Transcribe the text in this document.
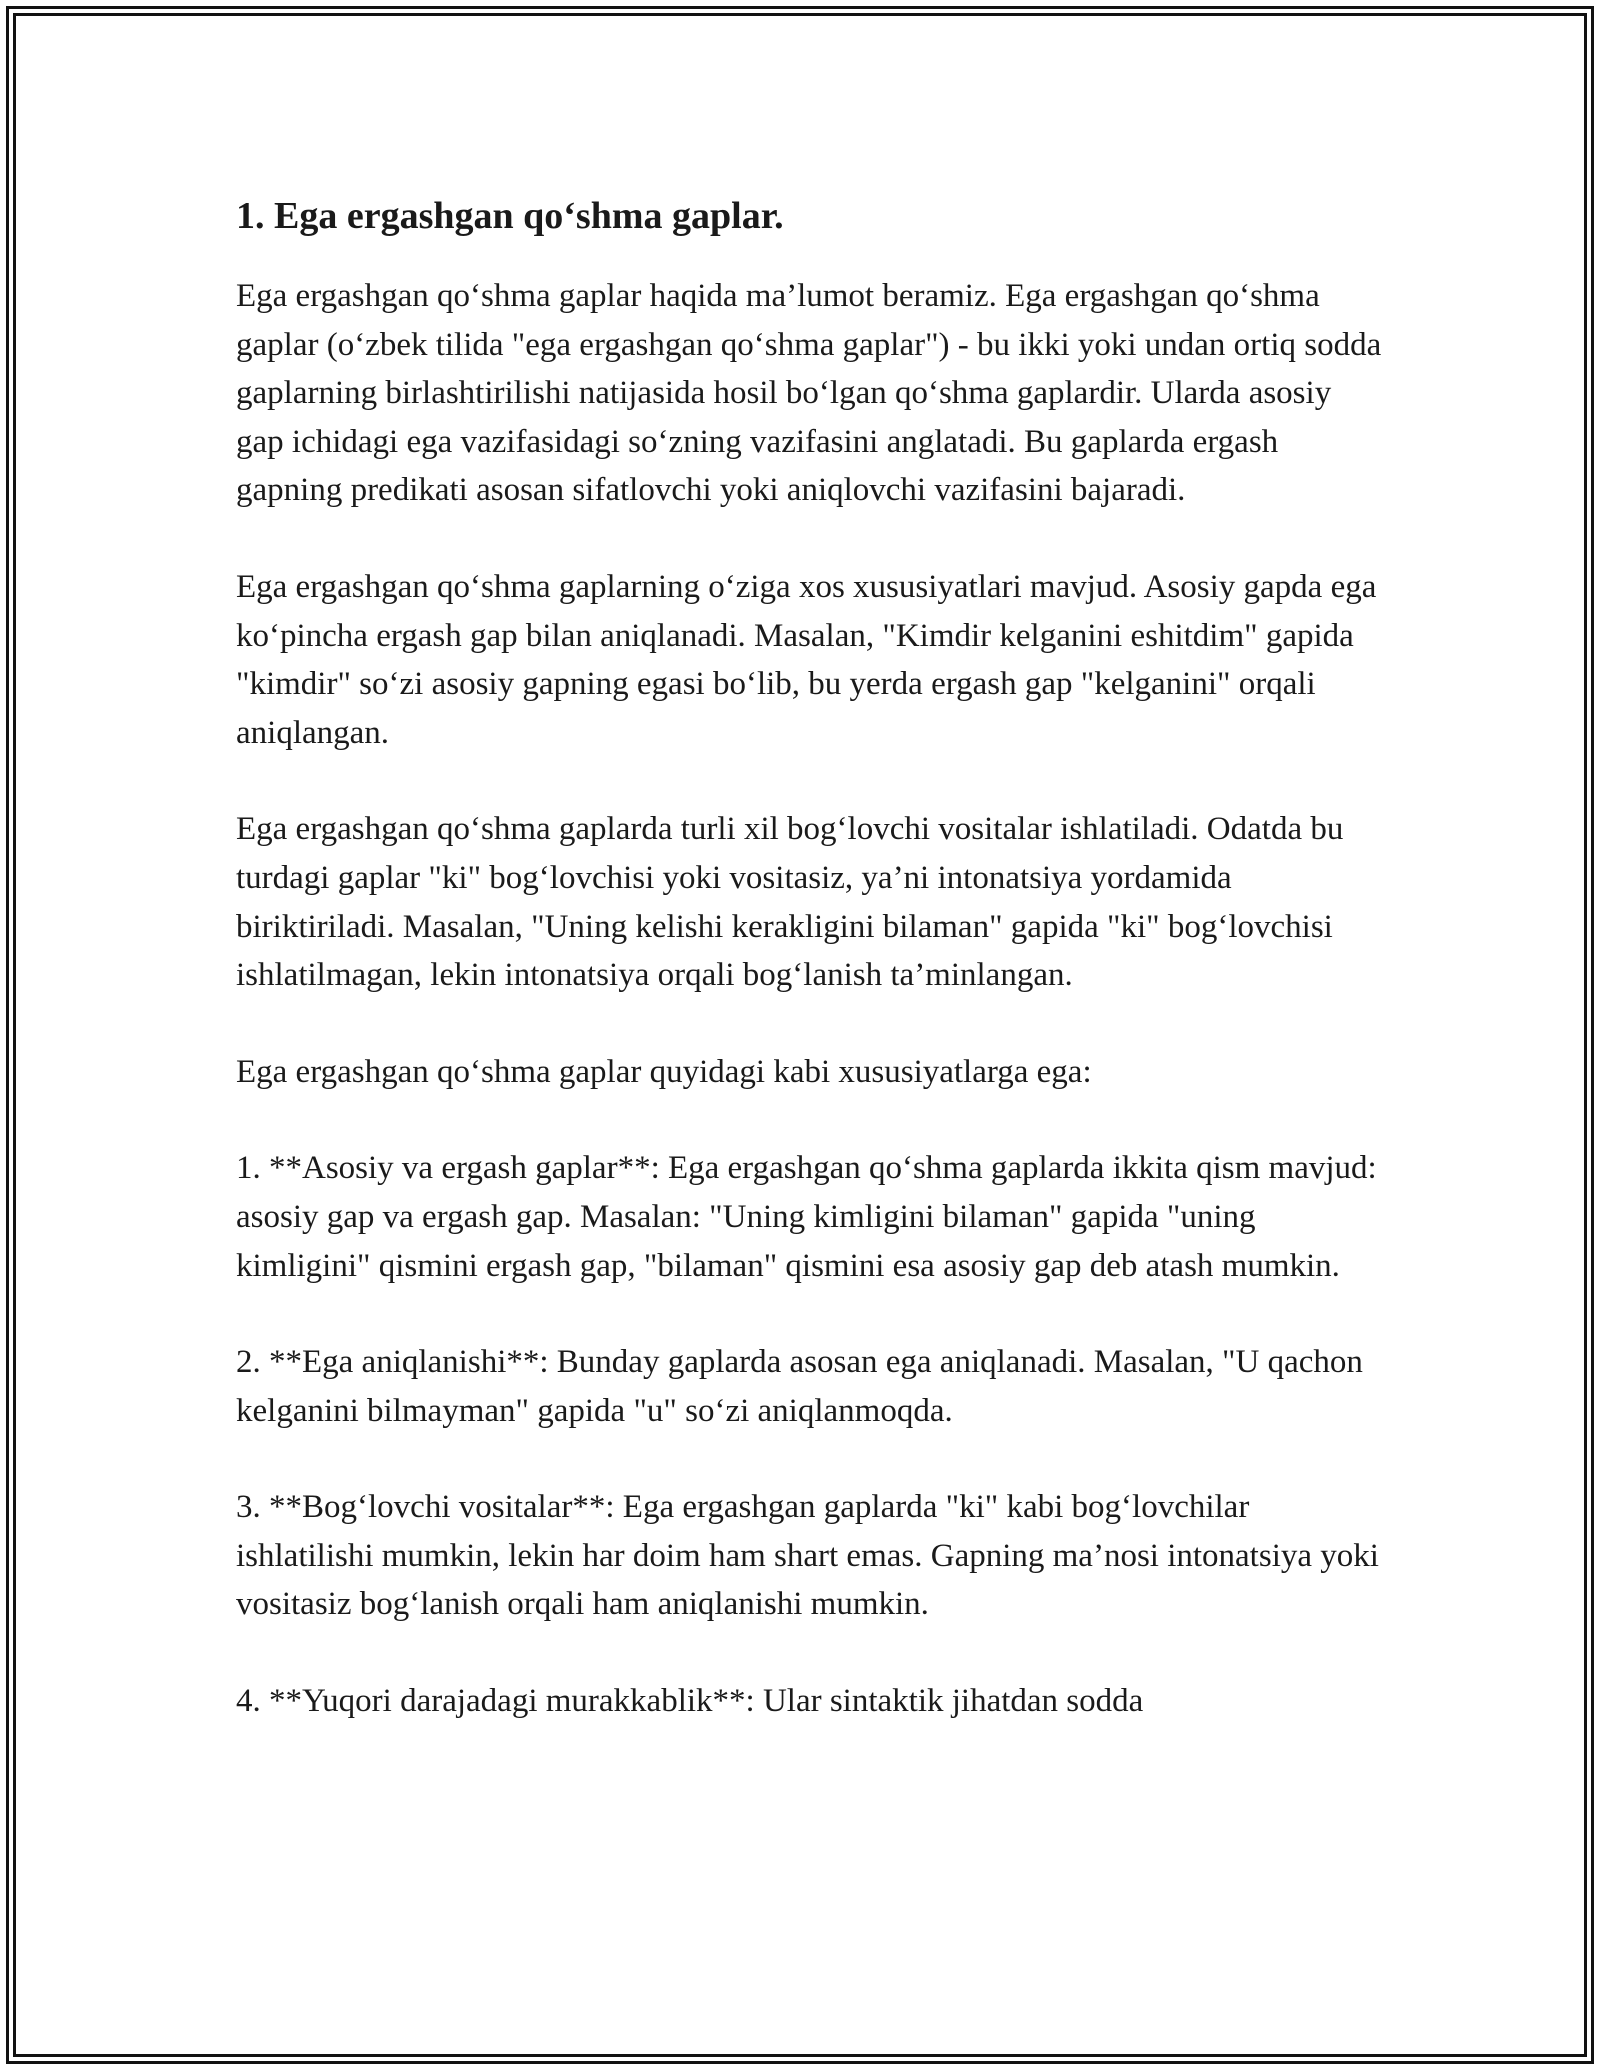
1. Ega ergashgan qo‘shma gaplar.

Ega ergashgan qo‘shma gaplar haqida ma’lumot beramiz. Ega ergashgan qo‘shma gaplar (o‘zbek tilida "ega ergashgan qo‘shma gaplar") - bu ikki yoki undan ortiq sodda gaplarning birlashtirilishi natijasida hosil bo‘lgan qo‘shma gaplardir. Ularda asosiy gap ichidagi ega vazifasidagi so‘zning vazifasini anglatadi. Bu gaplarda ergash gapning predikati asosan sifatlovchi yoki aniqlovchi vazifasini bajaradi.

Ega ergashgan qo‘shma gaplarning o‘ziga xos xususiyatlari mavjud. Asosiy gapda ega ko‘pincha ergash gap bilan aniqlanadi. Masalan, "Kimdir kelganini eshitdim" gapida "kimdir" so‘zi asosiy gapning egasi bo‘lib, bu yerda ergash gap "kelganini" orqali aniqlangan.

Ega ergashgan qo‘shma gaplarda turli xil bog‘lovchi vositalar ishlatiladi. Odatda bu turdagi gaplar "ki" bog‘lovchisi yoki vositasiz, ya’ni intonatsiya yordamida biriktiriladi. Masalan, "Uning kelishi kerakligini bilaman" gapida "ki" bog‘lovchisi ishlatilmagan, lekin intonatsiya orqali bog‘lanish ta’minlangan.

Ega ergashgan qo‘shma gaplar quyidagi kabi xususiyatlarga ega:

1. **Asosiy va ergash gaplar**: Ega ergashgan qo‘shma gaplarda ikkita qism mavjud: asosiy gap va ergash gap. Masalan: "Uning kimligini bilaman" gapida "uning kimligini" qismini ergash gap, "bilaman" qismini esa asosiy gap deb atash mumkin.

2. **Ega aniqlanishi**: Bunday gaplarda asosan ega aniqlanadi. Masalan, "U qachon kelganini bilmayman" gapida "u" so‘zi aniqlanmoqda.

3. **Bog‘lovchi vositalar**: Ega ergashgan gaplarda "ki" kabi bog‘lovchilar ishlatilishi mumkin, lekin har doim ham shart emas. Gapning ma’nosi intonatsiya yoki vositasiz bog‘lanish orqali ham aniqlanishi mumkin.

4. **Yuqori darajadagi murakkablik**: Ular sintaktik jihatdan sodda
